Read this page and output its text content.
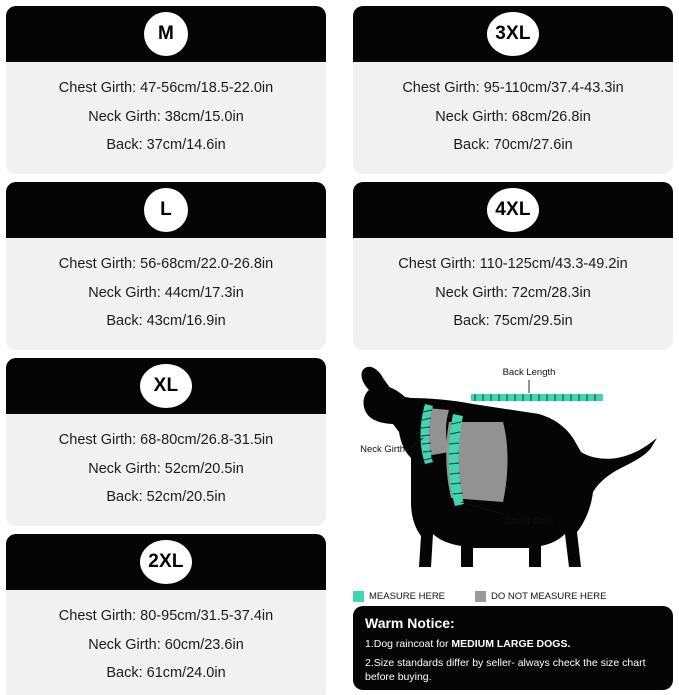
M
Chest Girth: 47-56cm/18.5-22.0in
Neck Girth: 38cm/15.0in
Back: 37cm/14.6in
L
Chest Girth: 56-68cm/22.0-26.8in
Neck Girth: 44cm/17.3in
Back: 43cm/16.9in
XL
Chest Girth: 68-80cm/26.8-31.5in
Neck Girth: 52cm/20.5in
Back: 52cm/20.5in
2XL
Chest Girth: 80-95cm/31.5-37.4in
Neck Girth: 60cm/23.6in
Back: 61cm/24.0in
3XL
Chest Girth: 95-110cm/37.4-43.3in
Neck Girth: 68cm/26.8in
Back: 70cm/27.6in
4XL
Chest Girth: 110-125cm/43.3-49.2in
Neck Girth: 72cm/28.3in
Back: 75cm/29.5in
Back Length
Neck Girth
Chest Grith
MEASURE HERE	DO NOT MEASURE HERE
Warm Notice:

1.Dog raincoat for MEDIUM LARGE DOGS.

2.Size standards differ by seller- always check the size chart
before buying.
